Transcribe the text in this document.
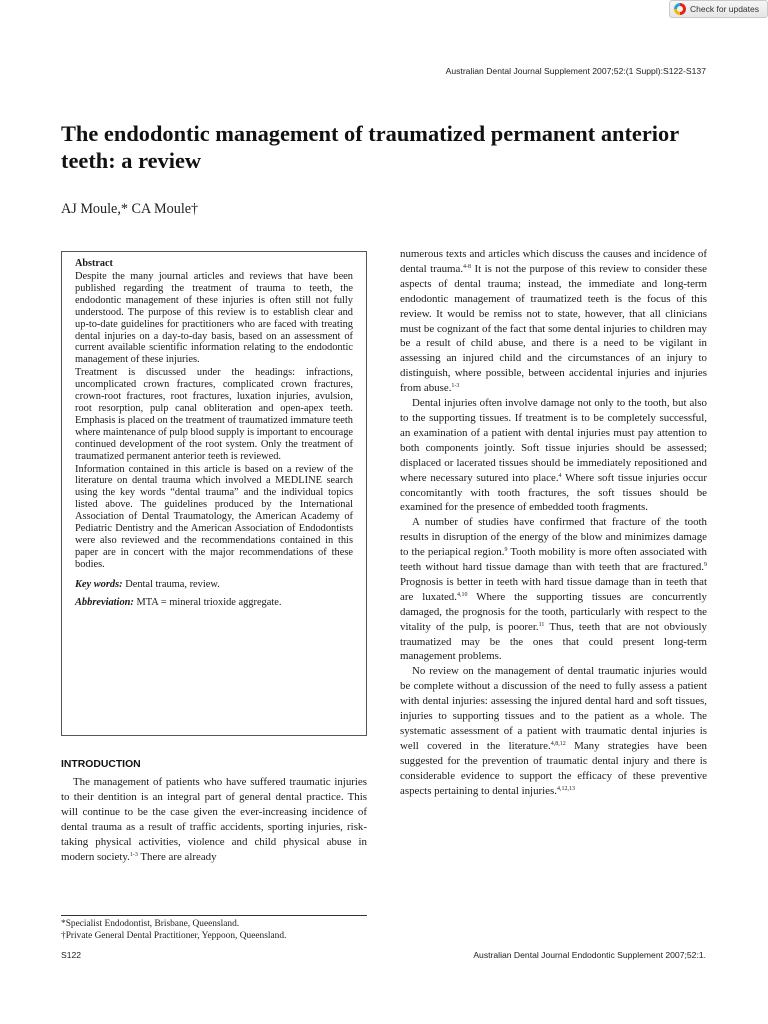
Check for updates
Australian Dental Journal Supplement 2007;52:(1 Suppl):S122-S137
The endodontic management of traumatized permanent anterior teeth: a review
AJ Moule,* CA Moule†
Abstract

Despite the many journal articles and reviews that have been published regarding the treatment of trauma to teeth, the endodontic management of these injuries is often still not fully understood. The purpose of this review is to establish clear and up-to-date guidelines for practitioners who are faced with treating dental injuries on a day-to-day basis, based on an assessment of current available scientific information relating to the endodontic management of these injuries.

Treatment is discussed under the headings: infractions, uncomplicated crown fractures, complicated crown fractures, crown-root fractures, root fractures, luxation injuries, avulsion, root resorption, pulp canal obliteration and open-apex teeth. Emphasis is placed on the treatment of traumatized immature teeth where maintenance of pulp blood supply is important to encourage continued development of the root system. Only the treatment of traumatized permanent anterior teeth is reviewed.

Information contained in this article is based on a review of the literature on dental trauma which involved a MEDLINE search using the key words “dental trauma” and the individual topics listed above. The guidelines produced by the International Association of Dental Traumatology, the American Academy of Pediatric Dentistry and the American Association of Endodontists were also reviewed and the recommendations contained in this paper are in concert with the major recommendations of these bodies.

Key words: Dental trauma, review.
Abbreviation: MTA = mineral trioxide aggregate.
INTRODUCTION

The management of patients who have suffered traumatic injuries to their dentition is an integral part of general dental practice. This will continue to be the case given the ever-increasing incidence of dental trauma as a result of traffic accidents, sporting injuries, risk-taking physical activities, violence and child physical abuse in modern society.$^{1-3}$ There are already

*Specialist Endodontist, Brisbane, Queensland.
†Private General Dental Practitioner, Yeppoon, Queensland.

numerous texts and articles which discuss the causes and incidence of dental trauma.$^{4-8}$ It is not the purpose of this review to consider these aspects of dental trauma; instead, the immediate and long-term endodontic management of traumatized teeth is the focus of this review. It would be remiss not to state, however, that all clinicians must be cognizant of the fact that some dental injuries to children may be a result of child abuse, and there is a need to be vigilant in assessing an injured child and the circumstances of an injury to distinguish, where possible, between accidental injuries and injuries from abuse.$^{1-3}$

Dental injuries often involve damage not only to the tooth, but also to the supporting tissues. If treatment is to be completely successful, an examination of a patient with dental injuries must pay attention to both components jointly. Soft tissue injuries should be assessed; displaced or lacerated tissues should be immediately repositioned and where necessary sutured into place.$^4$ Where soft tissue injuries occur concomitantly with tooth fractures, the soft tissues should be examined for the presence of embedded tooth fragments.

A number of studies have confirmed that fracture of the tooth results in disruption of the energy of the blow and minimizes damage to the periapical region.$^9$ Tooth mobility is more often associated with teeth without hard tissue damage than with teeth that are fractured.$^9$ Prognosis is better in teeth with hard tissue damage than in teeth that are luxated.$^{4,10}$ Where the supporting tissues are concurrently damaged, the prognosis for the tooth, particularly with respect to the vitality of the pulp, is poorer.$^{11}$ Thus, teeth that are not obviously traumatized may be the ones that could present long-term management problems.

No review on the management of dental traumatic injuries would be complete without a discussion of the need to fully assess a patient with dental injuries: assessing the injured dental hard and soft tissues, injuries to supporting tissues and to the patient as a whole. The systematic assessment of a patient with traumatic dental injuries is well covered in the literature.$^{4,8,12}$ Many strategies have been suggested for the prevention of traumatic dental injury and there is considerable evidence to support the efficacy of these preventive aspects pertaining to dental injuries.$^{4,12,13}$

S122	Australian Dental Journal Endodontic Supplement 2007;52:1.
